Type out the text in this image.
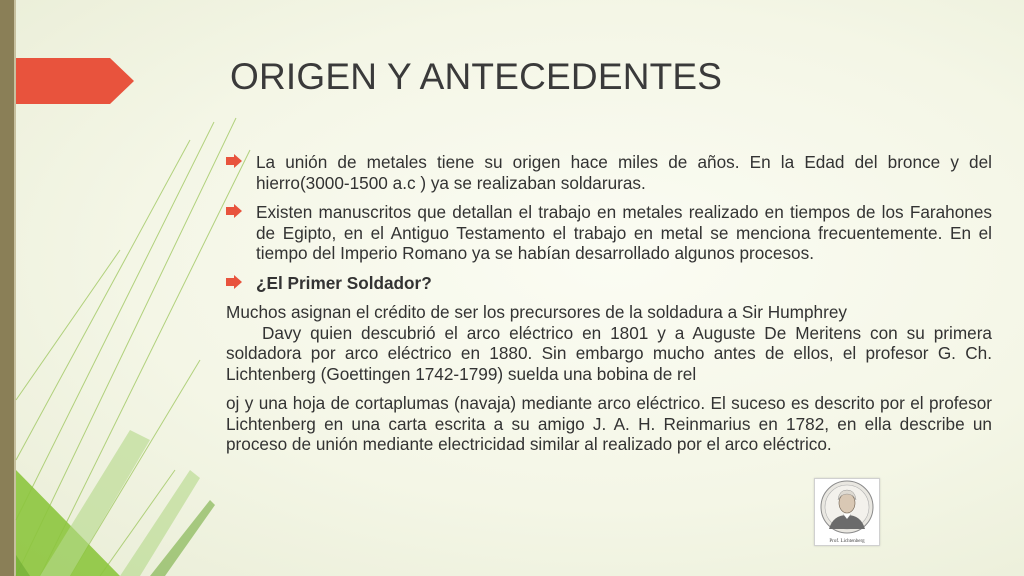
ORIGEN Y ANTECEDENTES
La unión de metales tiene su origen hace miles de años. En la Edad del bronce y del hierro(3000-1500 a.c ) ya se realizaban soldaruras.
Existen manuscritos que detallan el trabajo en metales realizado en tiempos de los Farahones de Egipto, en el Antiguo Testamento el trabajo en metal se menciona frecuentemente. En el tiempo del Imperio Romano ya se habían desarrollado algunos procesos.
¿El Primer Soldador?

Muchos asignan el crédito de ser los precursores de la soldadura a Sir Humphrey
Davy quien descubrió el arco eléctrico en 1801 y a Auguste De Meritens con su primera soldadora por arco eléctrico en 1880. Sin embargo mucho antes de ellos, el profesor G. Ch. Lichtenberg (Goettingen 1742-1799) suelda una bobina de rel

oj y una hoja de cortaplumas (navaja) mediante arco eléctrico. El suceso es descrito por el profesor Lichtenberg en una carta escrita a su amigo J. A. H. Reinmarius en 1782, en ella describe un proceso de unión mediante electricidad similar al realizado por el arco eléctrico.

Prof. Lichtenberg
